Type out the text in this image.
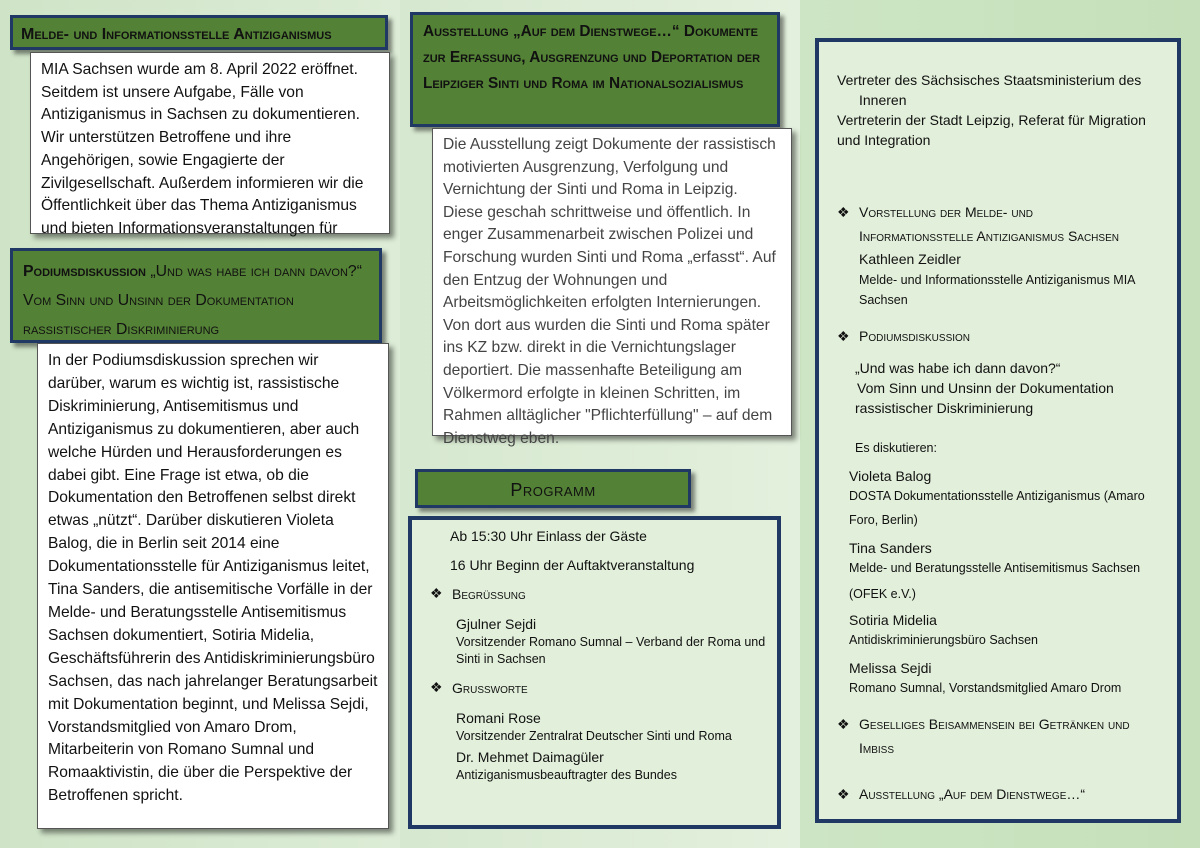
Melde- und Informationsstelle Antiziganismus

MIA Sachsen wurde am 8. April 2022 eröffnet. Seitdem ist unsere Aufgabe, Fälle von Antiziganismus in Sachsen zu dokumentieren. Wir unterstützen Betroffene und ihre Angehörigen, sowie Engagierte der Zivilgesellschaft. Außerdem informieren wir die Öffentlichkeit über das Thema Antiziganismus und bieten Informationsveranstaltungen für

Podiumsdiskussion „Und was habe ich dann davon?“ Vom Sinn und Unsinn der Dokumentation rassistischer Diskriminierung

In der Podiumsdiskussion sprechen wir darüber, warum es wichtig ist, rassistische Diskriminierung, Antisemitismus und Antiziganismus zu dokumentieren, aber auch welche Hürden und Herausforderungen es dabei gibt. Eine Frage ist etwa, ob die Dokumentation den Betroffenen selbst direkt etwas „nützt“. Darüber diskutieren Violeta Balog, die in Berlin seit 2014 eine Dokumentationsstelle für Antiziganismus leitet, Tina Sanders, die antisemitische Vorfälle in der Melde- und Beratungsstelle Antisemitismus Sachsen dokumentiert, Sotiria Midelia, Geschäftsführerin des Antidiskriminierungsbüro Sachsen, das nach jahrelanger Beratungsarbeit mit Dokumentation beginnt, und Melissa Sejdi, Vorstandsmitglied von Amaro Drom, Mitarbeiterin von Romano Sumnal und Romaaktivistin, die über die Perspektive der Betroffenen spricht.

Ausstellung „Auf dem Dienstwege…“ Dokumente zur Erfassung, Ausgrenzung und Deportation der Leipziger Sinti und Roma im Nationalsozialismus

Die Ausstellung zeigt Dokumente der rassistisch motivierten Ausgrenzung, Verfolgung und Vernichtung der Sinti und Roma in Leipzig. Diese geschah schrittweise und öffentlich. In enger Zusammenarbeit zwischen Polizei und Forschung wurden Sinti und Roma „erfasst“. Auf den Entzug der Wohnungen und Arbeitsmöglichkeiten erfolgten Internierungen. Von dort aus wurden die Sinti und Roma später ins KZ bzw. direkt in die Vernichtungslager deportiert. Die massenhafte Beteiligung am Völkermord erfolgte in kleinen Schritten, im Rahmen alltäglicher "Pflichterfüllung" – auf dem Dienstweg eben.

Programm
Ab 15:30 Uhr Einlass der Gäste
16 Uhr Beginn der Auftaktveranstaltung
❖ Begrüßung
Gjulner Sejdi
Vorsitzender Romano Sumnal – Verband der Roma und Sinti in Sachsen
❖ Grußworte
Romani Rose
Vorsitzender Zentralrat Deutscher Sinti und Roma
Dr. Mehmet Daimagüler
Antiziganismusbeauftragter des Bundes
Vertreter des Sächsisches Staatsministerium des
Inneren
Vertreterin der Stadt Leipzig, Referat für Migration und Integration
❖ Vorstellung der Melde- und Informationsstelle Antiziganismus Sachsen
Kathleen Zeidler
Melde- und Informationsstelle Antiziganismus MIA Sachsen
❖ Podiumsdiskussion
„Und was habe ich dann davon?“
Vom Sinn und Unsinn der Dokumentation
rassistischer Diskriminierung
Es diskutieren:
Violeta Balog
DOSTA Dokumentationsstelle Antiziganismus (Amaro
Foro, Berlin)
Tina Sanders
Melde- und Beratungsstelle Antisemitismus Sachsen
(OFEK e.V.)
Sotiria Midelia
Antidiskriminierungsbüro Sachsen
Melissa Sejdi
Romano Sumnal, Vorstandsmitglied Amaro Drom
❖ Geselliges Beisammensein bei Getränken und Imbiss
❖ Ausstellung „Auf dem Dienstwege…“
